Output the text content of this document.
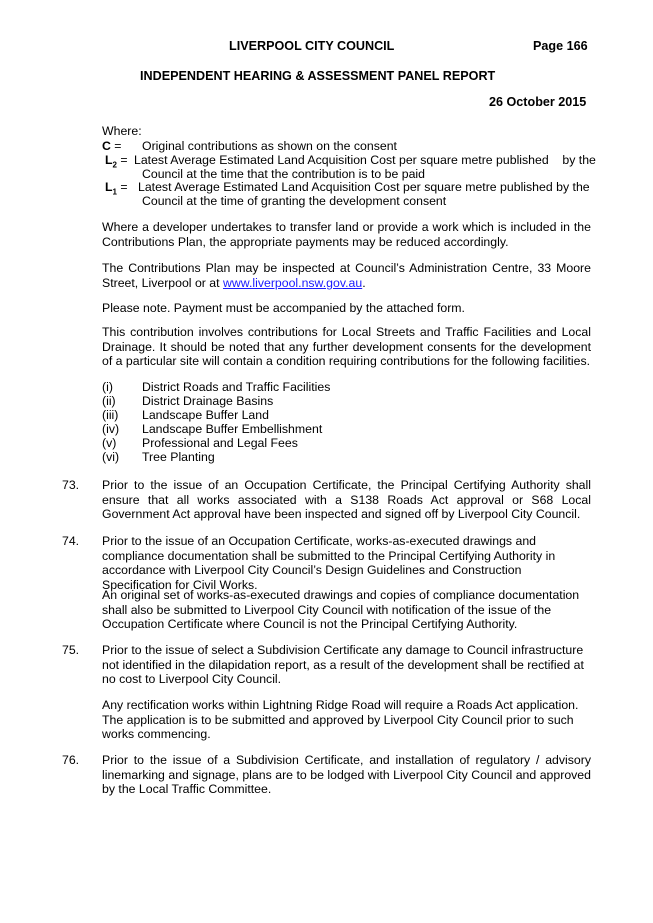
LIVERPOOL CITY COUNCIL	Page 166
INDEPENDENT HEARING & ASSESSMENT PANEL REPORT
26 October 2015
Where:
C = Original contributions as shown on the consent
$L_2$ = Latest Average Estimated Land Acquisition Cost per square metre published    by the
Council at the time that the contribution is to be paid
$L_1$ = Latest Average Estimated Land Acquisition Cost per square metre published by the
Council at the time of granting the development consent
Where a developer undertakes to transfer land or provide a work which is included in the Contributions Plan, the appropriate payments may be reduced accordingly.
The Contributions Plan may be inspected at Council’s Administration Centre, 33 Moore Street, Liverpool or at www.liverpool.nsw.gov.au.
Please note. Payment must be accompanied by the attached form.
This contribution involves contributions for Local Streets and Traffic Facilities and Local Drainage. It should be noted that any further development consents for the development of a particular site will contain a condition requiring contributions for the following facilities.
(i) District Roads and Traffic Facilities
(ii) District Drainage Basins
(iii) Landscape Buffer Land
(iv) Landscape Buffer Embellishment
(v) Professional and Legal Fees
(vi) Tree Planting
73. Prior to the issue of an Occupation Certificate, the Principal Certifying Authority shall ensure that all works associated with a S138 Roads Act approval or S68 Local Government Act approval have been inspected and signed off by Liverpool City Council.
74. Prior to the issue of an Occupation Certificate, works-as-executed drawings and compliance documentation shall be submitted to the Principal Certifying Authority in accordance with Liverpool City Council’s Design Guidelines and Construction Specification for Civil Works.
An original set of works-as-executed drawings and copies of compliance documentation shall also be submitted to Liverpool City Council with notification of the issue of the Occupation Certificate where Council is not the Principal Certifying Authority.
75. Prior to the issue of select a Subdivision Certificate any damage to Council infrastructure not identified in the dilapidation report, as a result of the development shall be rectified at no cost to Liverpool City Council.
Any rectification works within Lightning Ridge Road will require a Roads Act application. The application is to be submitted and approved by Liverpool City Council prior to such works commencing.
76. Prior to the issue of a Subdivision Certificate, and installation of regulatory / advisory linemarking and signage, plans are to be lodged with Liverpool City Council and approved by the Local Traffic Committee.
